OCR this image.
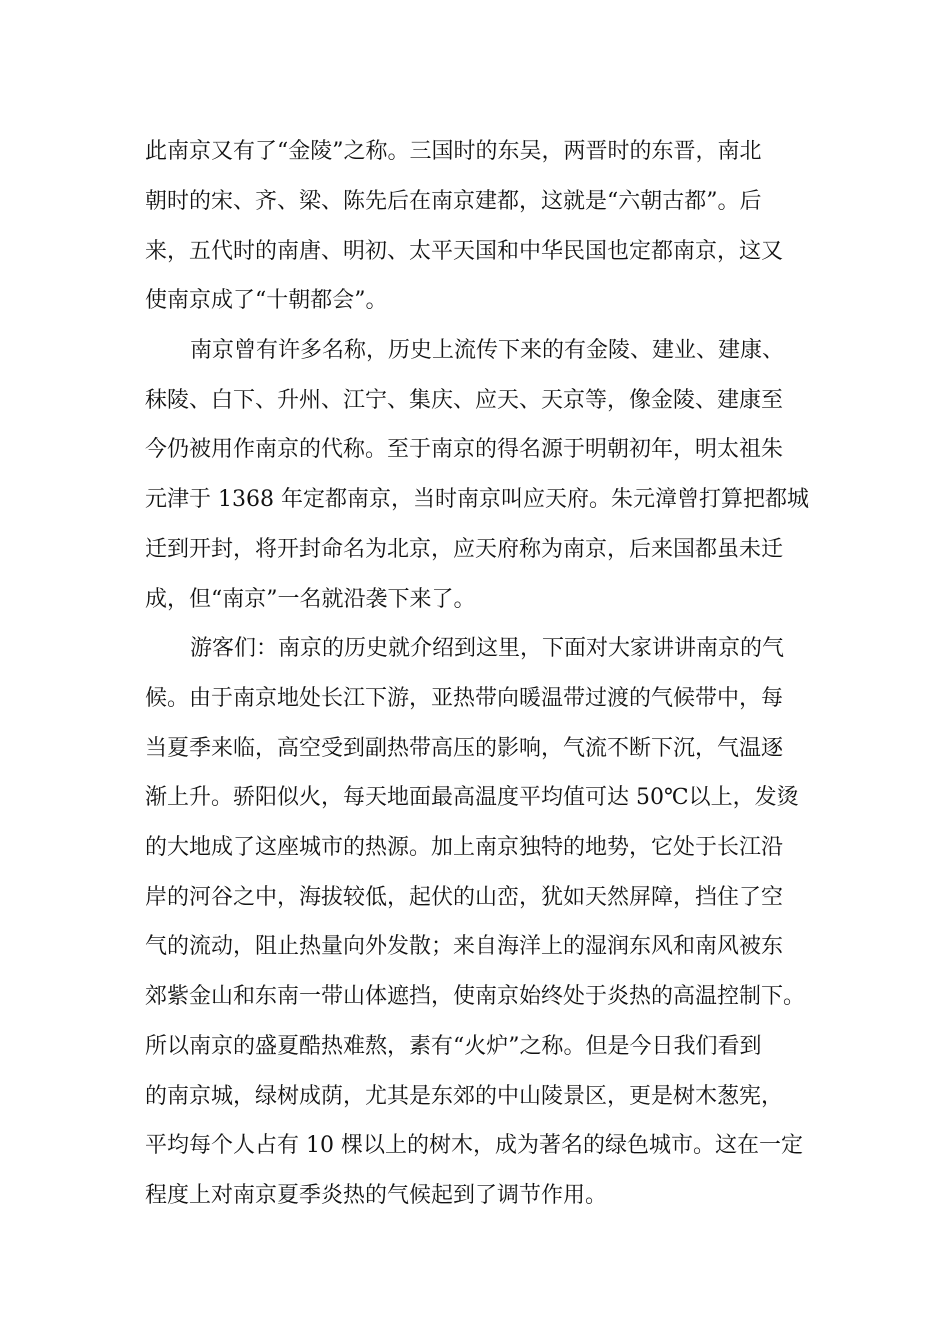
此南京又有了“金陵”之称。三国时的东吴，两晋时的东晋，南北
朝时的宋、齐、梁、陈先后在南京建都，这就是“六朝古都”。后
来，五代时的南唐、明初、太平天国和中华民国也定都南京，这又
使南京成了“十朝都会”。
南京曾有许多名称，历史上流传下来的有金陵、建业、建康、
秣陵、白下、升州、江宁、集庆、应天、天京等，像金陵、建康至
今仍被用作南京的代称。至于南京的得名源于明朝初年，明太祖朱
元津于 1368 年定都南京，当时南京叫应天府。朱元漳曾打算把都城
迁到开封，将开封命名为北京，应天府称为南京，后来国都虽未迁
成，但“南京”一名就沿袭下来了。
游客们：南京的历史就介绍到这里，下面对大家讲讲南京的气
候。由于南京地处长江下游，亚热带向暖温带过渡的气候带中，每
当夏季来临，高空受到副热带高压的影响，气流不断下沉，气温逐
渐上升。骄阳似火，每天地面最高温度平均值可达 50℃以上，发烫
的大地成了这座城市的热源。加上南京独特的地势，它处于长江沿
岸的河谷之中，海拔较低，起伏的山峦，犹如天然屏障，挡住了空
气的流动，阻止热量向外发散；来自海洋上的湿润东风和南风被东
郊紫金山和东南一带山体遮挡，使南京始终处于炎热的高温控制下。
所以南京的盛夏酷热难熬，素有“火炉”之称。但是今日我们看到
的南京城，绿树成荫，尤其是东郊的中山陵景区，更是树木葱宪，
平均每个人占有 10 棵以上的树木，成为著名的绿色城市。这在一定
程度上对南京夏季炎热的气候起到了调节作用。
